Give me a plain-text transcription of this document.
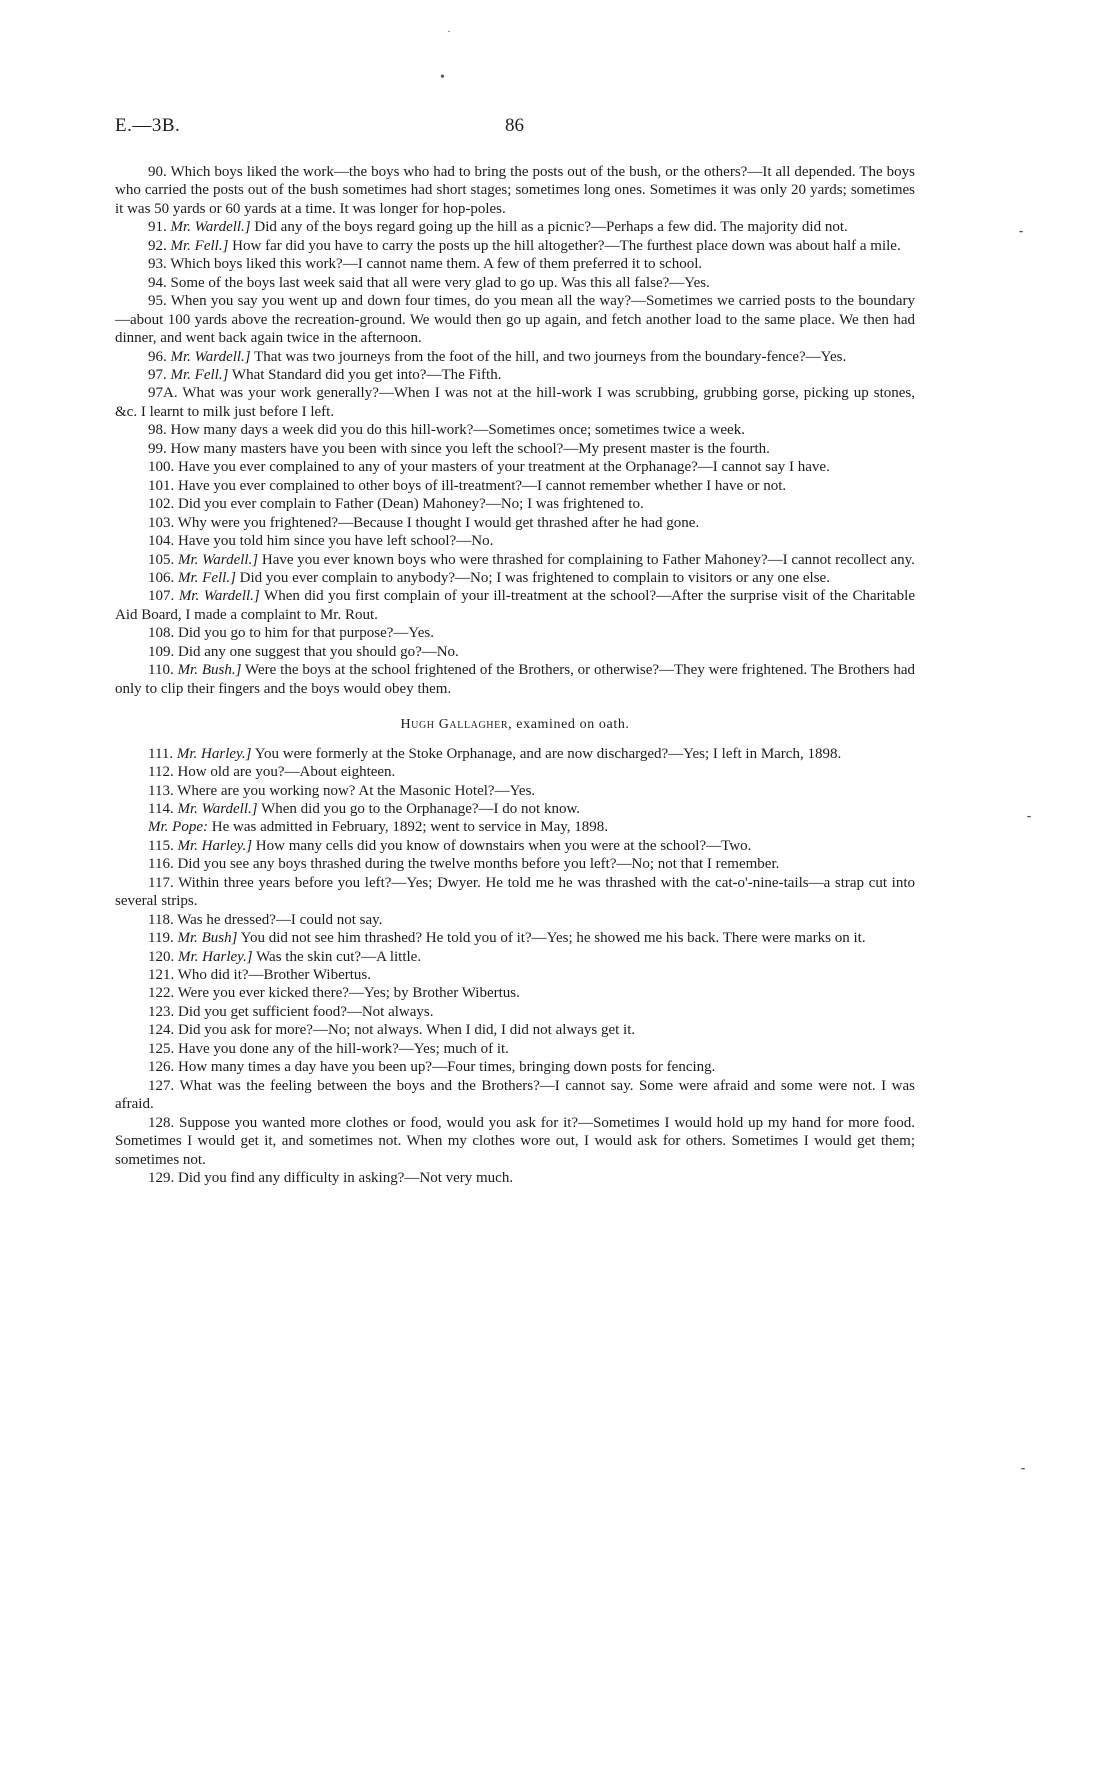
E.—3B.	86
·
•
⁃
⁃
⁃

90. Which boys liked the work—the boys who had to bring the posts out of the bush, or the others?—It all depended. The boys who carried the posts out of the bush sometimes had short stages; sometimes long ones. Sometimes it was only 20 yards; sometimes it was 50 yards or 60 yards at a time. It was longer for hop-poles.

91. Mr. Wardell.] Did any of the boys regard going up the hill as a picnic?—Perhaps a few did. The majority did not.

92. Mr. Fell.] How far did you have to carry the posts up the hill altogether?—The furthest place down was about half a mile.

93. Which boys liked this work?—I cannot name them. A few of them preferred it to school.

94. Some of the boys last week said that all were very glad to go up. Was this all false?—Yes.

95. When you say you went up and down four times, do you mean all the way?—Sometimes we carried posts to the boundary—about 100 yards above the recreation-ground. We would then go up again, and fetch another load to the same place. We then had dinner, and went back again twice in the afternoon.

96. Mr. Wardell.] That was two journeys from the foot of the hill, and two journeys from the boundary-fence?—Yes.

97. Mr. Fell.] What Standard did you get into?—The Fifth.

97A. What was your work generally?—When I was not at the hill-work I was scrubbing, grubbing gorse, picking up stones, &c. I learnt to milk just before I left.

98. How many days a week did you do this hill-work?—Sometimes once; sometimes twice a week.

99. How many masters have you been with since you left the school?—My present master is the fourth.

100. Have you ever complained to any of your masters of your treatment at the Orphanage?—I cannot say I have.

101. Have you ever complained to other boys of ill-treatment?—I cannot remember whether I have or not.

102. Did you ever complain to Father (Dean) Mahoney?—No; I was frightened to.

103. Why were you frightened?—Because I thought I would get thrashed after he had gone.

104. Have you told him since you have left school?—No.

105. Mr. Wardell.] Have you ever known boys who were thrashed for complaining to Father Mahoney?—I cannot recollect any.

106. Mr. Fell.] Did you ever complain to anybody?—No; I was frightened to complain to visitors or any one else.

107. Mr. Wardell.] When did you first complain of your ill-treatment at the school?—After the surprise visit of the Charitable Aid Board, I made a complaint to Mr. Rout.

108. Did you go to him for that purpose?—Yes.

109. Did any one suggest that you should go?—No.

110. Mr. Bush.] Were the boys at the school frightened of the Brothers, or otherwise?—They were frightened. The Brothers had only to clip their fingers and the boys would obey them.

Hugh Gallagher, examined on oath.

111. Mr. Harley.] You were formerly at the Stoke Orphanage, and are now discharged?—Yes; I left in March, 1898.

112. How old are you?—About eighteen.

113. Where are you working now? At the Masonic Hotel?—Yes.

114. Mr. Wardell.] When did you go to the Orphanage?—I do not know.

Mr. Pope: He was admitted in February, 1892; went to service in May, 1898.

115. Mr. Harley.] How many cells did you know of downstairs when you were at the school?—Two.

116. Did you see any boys thrashed during the twelve months before you left?—No; not that I remember.

117. Within three years before you left?—Yes; Dwyer. He told me he was thrashed with the cat-o'-nine-tails—a strap cut into several strips.

118. Was he dressed?—I could not say.

119. Mr. Bush] You did not see him thrashed? He told you of it?—Yes; he showed me his back. There were marks on it.

120. Mr. Harley.] Was the skin cut?—A little.

121. Who did it?—Brother Wibertus.

122. Were you ever kicked there?—Yes; by Brother Wibertus.

123. Did you get sufficient food?—Not always.

124. Did you ask for more?—No; not always. When I did, I did not always get it.

125. Have you done any of the hill-work?—Yes; much of it.

126. How many times a day have you been up?—Four times, bringing down posts for fencing.

127. What was the feeling between the boys and the Brothers?—I cannot say. Some were afraid and some were not. I was afraid.

128. Suppose you wanted more clothes or food, would you ask for it?—Sometimes I would hold up my hand for more food. Sometimes I would get it, and sometimes not. When my clothes wore out, I would ask for others. Sometimes I would get them; sometimes not.

129. Did you find any difficulty in asking?—Not very much.
